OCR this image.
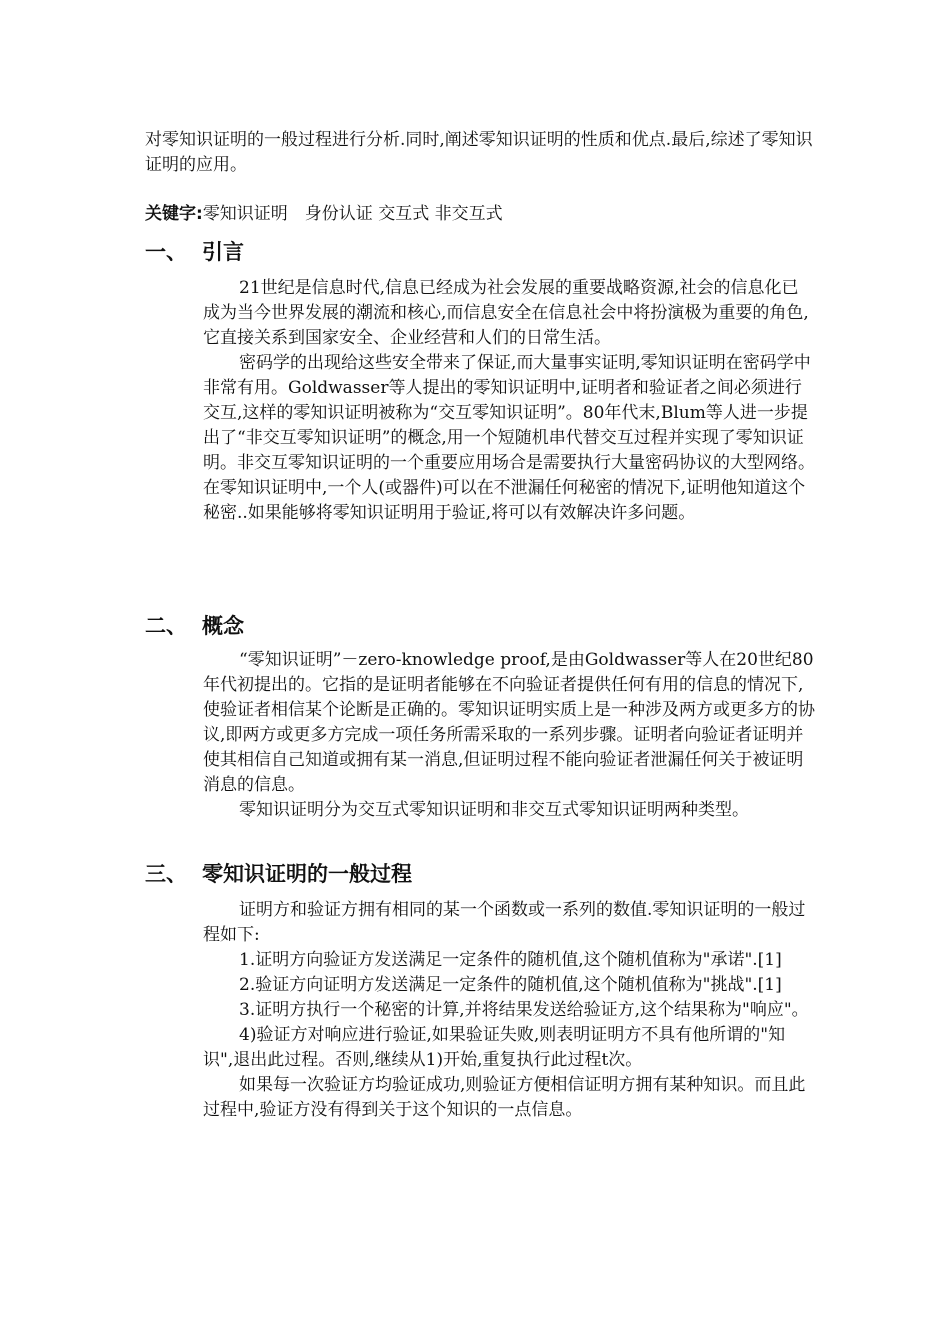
对零知识证明的一般过程进行分析.同时,阐述零知识证明的性质和优点.最后,综述了零知识证明的应用。

关键字:零知识证明　身份认证 交互式 非交互式

一、 引言
21世纪是信息时代,信息已经成为社会发展的重要战略资源,社会的信息化已成为当今世界发展的潮流和核心,而信息安全在信息社会中将扮演极为重要的角色,它直接关系到国家安全、企业经营和人们的日常生活。
密码学的出现给这些安全带来了保证,而大量事实证明,零知识证明在密码学中非常有用。Goldwasser等人提出的零知识证明中,证明者和验证者之间必须进行交互,这样的零知识证明被称为“交互零知识证明”。80年代末,Blum等人进一步提出了“非交互零知识证明”的概念,用一个短随机串代替交互过程并实现了零知识证明。非交互零知识证明的一个重要应用场合是需要执行大量密码协议的大型网络。在零知识证明中,一个人(或器件)可以在不泄漏任何秘密的情况下,证明他知道这个秘密..如果能够将零知识证明用于验证,将可以有效解决许多问题。
二、 概念
“零知识证明”－zero-knowledge proof,是由Goldwasser等人在20世纪80年代初提出的。它指的是证明者能够在不向验证者提供任何有用的信息的情况下,使验证者相信某个论断是正确的。零知识证明实质上是一种涉及两方或更多方的协议,即两方或更多方完成一项任务所需采取的一系列步骤。证明者向验证者证明并使其相信自己知道或拥有某一消息,但证明过程不能向验证者泄漏任何关于被证明消息的信息。
零知识证明分为交互式零知识证明和非交互式零知识证明两种类型。
三、 零知识证明的一般过程
证明方和验证方拥有相同的某一个函数或一系列的数值.零知识证明的一般过程如下:
1.证明方向验证方发送满足一定条件的随机值,这个随机值称为"承诺".[1]
2.验证方向证明方发送满足一定条件的随机值,这个随机值称为"挑战".[1]
3.证明方执行一个秘密的计算,并将结果发送给验证方,这个结果称为"响应"。
4)验证方对响应进行验证,如果验证失败,则表明证明方不具有他所谓的"知识",退出此过程。否则,继续从1)开始,重复执行此过程t次。
如果每一次验证方均验证成功,则验证方便相信证明方拥有某种知识。而且此过程中,验证方没有得到关于这个知识的一点信息。
